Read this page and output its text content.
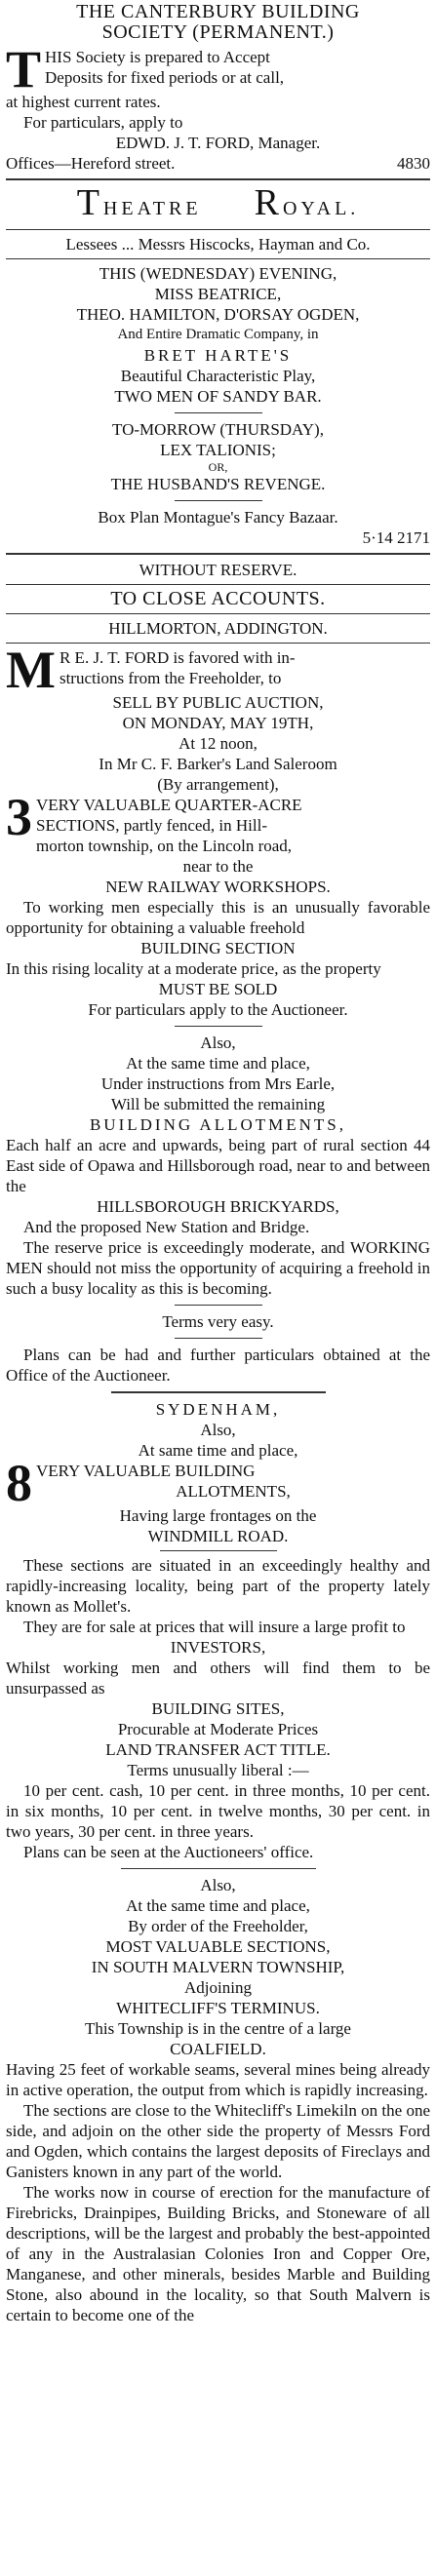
THE CANTERBURY BUILDING
SOCIETY (PERMANENT.)
T HIS Society is prepared to Accept
Deposits for fixed periods or at call,
at highest current rates.
For particulars, apply to
EDWD. J. T. FORD, Manager.
Offices—Hereford street.	4830
THEATRE ROYAL.
Lessees ... Messrs Hiscocks, Hayman and Co.
THIS (WEDNESDAY) EVENING,
MISS BEATRICE,
THEO. HAMILTON, D'ORSAY OGDEN,
And Entire Dramatic Company, in
BRET HARTE'S
Beautiful Characteristic Play,
TWO MEN OF SANDY BAR.
TO-MORROW (THURSDAY),
LEX TALIONIS;
OR,
THE HUSBAND'S REVENGE.
Box Plan Montague's Fancy Bazaar.
5·14 2171
WITHOUT RESERVE.
TO CLOSE ACCOUNTS.
HILLMORTON, ADDINGTON.
M R E. J. T. FORD is favored with in-
structions from the Freeholder, to
SELL BY PUBLIC AUCTION,
ON MONDAY, MAY 19TH,
At 12 noon,
In Mr C. F. Barker's Land Saleroom
(By arrangement),
3 VERY VALUABLE QUARTER-ACRE
SECTIONS, partly fenced, in Hill-
morton township, on the Lincoln road,
near to the
NEW RAILWAY WORKSHOPS.

To working men especially this is an unusually favorable opportunity for obtaining a valuable freehold

BUILDING SECTION

In this rising locality at a moderate price, as the property

MUST BE SOLD
For particulars apply to the Auctioneer.
Also,
At the same time and place,
Under instructions from Mrs Earle,
Will be submitted the remaining
BUILDING ALLOTMENTS,

Each half an acre and upwards, being part of rural section 44 East side of Opawa and Hillsborough road, near to and between the

HILLSBOROUGH BRICKYARDS,

And the proposed New Station and Bridge.

The reserve price is exceedingly moderate, and WORKING MEN should not miss the opportunity of acquiring a freehold in such a busy locality as this is becoming.

Terms very easy.

Plans can be had and further particulars obtained at the Office of the Auctioneer.

SYDENHAM,
Also,
At same time and place,
8 VERY VALUABLE BUILDING
ALLOTMENTS,
Having large frontages on the
WINDMILL ROAD.

These sections are situated in an exceedingly healthy and rapidly-increasing locality, being part of the property lately known as Mollet's.

They are for sale at prices that will insure a large profit to

INVESTORS,

Whilst working men and others will find them to be unsurpassed as

BUILDING SITES,
Procurable at Moderate Prices
LAND TRANSFER ACT TITLE.
Terms unusually liberal :—

10 per cent. cash, 10 per cent. in three months, 10 per cent. in six months, 10 per cent. in twelve months, 30 per cent. in two years, 30 per cent. in three years.

Plans can be seen at the Auctioneers' office.

Also,
At the same time and place,
By order of the Freeholder,
MOST VALUABLE SECTIONS,
IN SOUTH MALVERN TOWNSHIP,
Adjoining
WHITECLIFF'S TERMINUS.
This Township is in the centre of a large
COALFIELD.

Having 25 feet of workable seams, several mines being already in active operation, the output from which is rapidly increasing.

The sections are close to the Whitecliff's Limekiln on the one side, and adjoin on the other side the property of Messrs Ford and Ogden, which contains the largest deposits of Fireclays and Ganisters known in any part of the world.

The works now in course of erection for the manufacture of Firebricks, Drainpipes, Building Bricks, and Stoneware of all descriptions, will be the largest and probably the best-appointed of any in the Australasian Colonies Iron and Copper Ore, Manganese, and other minerals, besides Marble and Building Stone, also abound in the locality, so that South Malvern is certain to become one of the
